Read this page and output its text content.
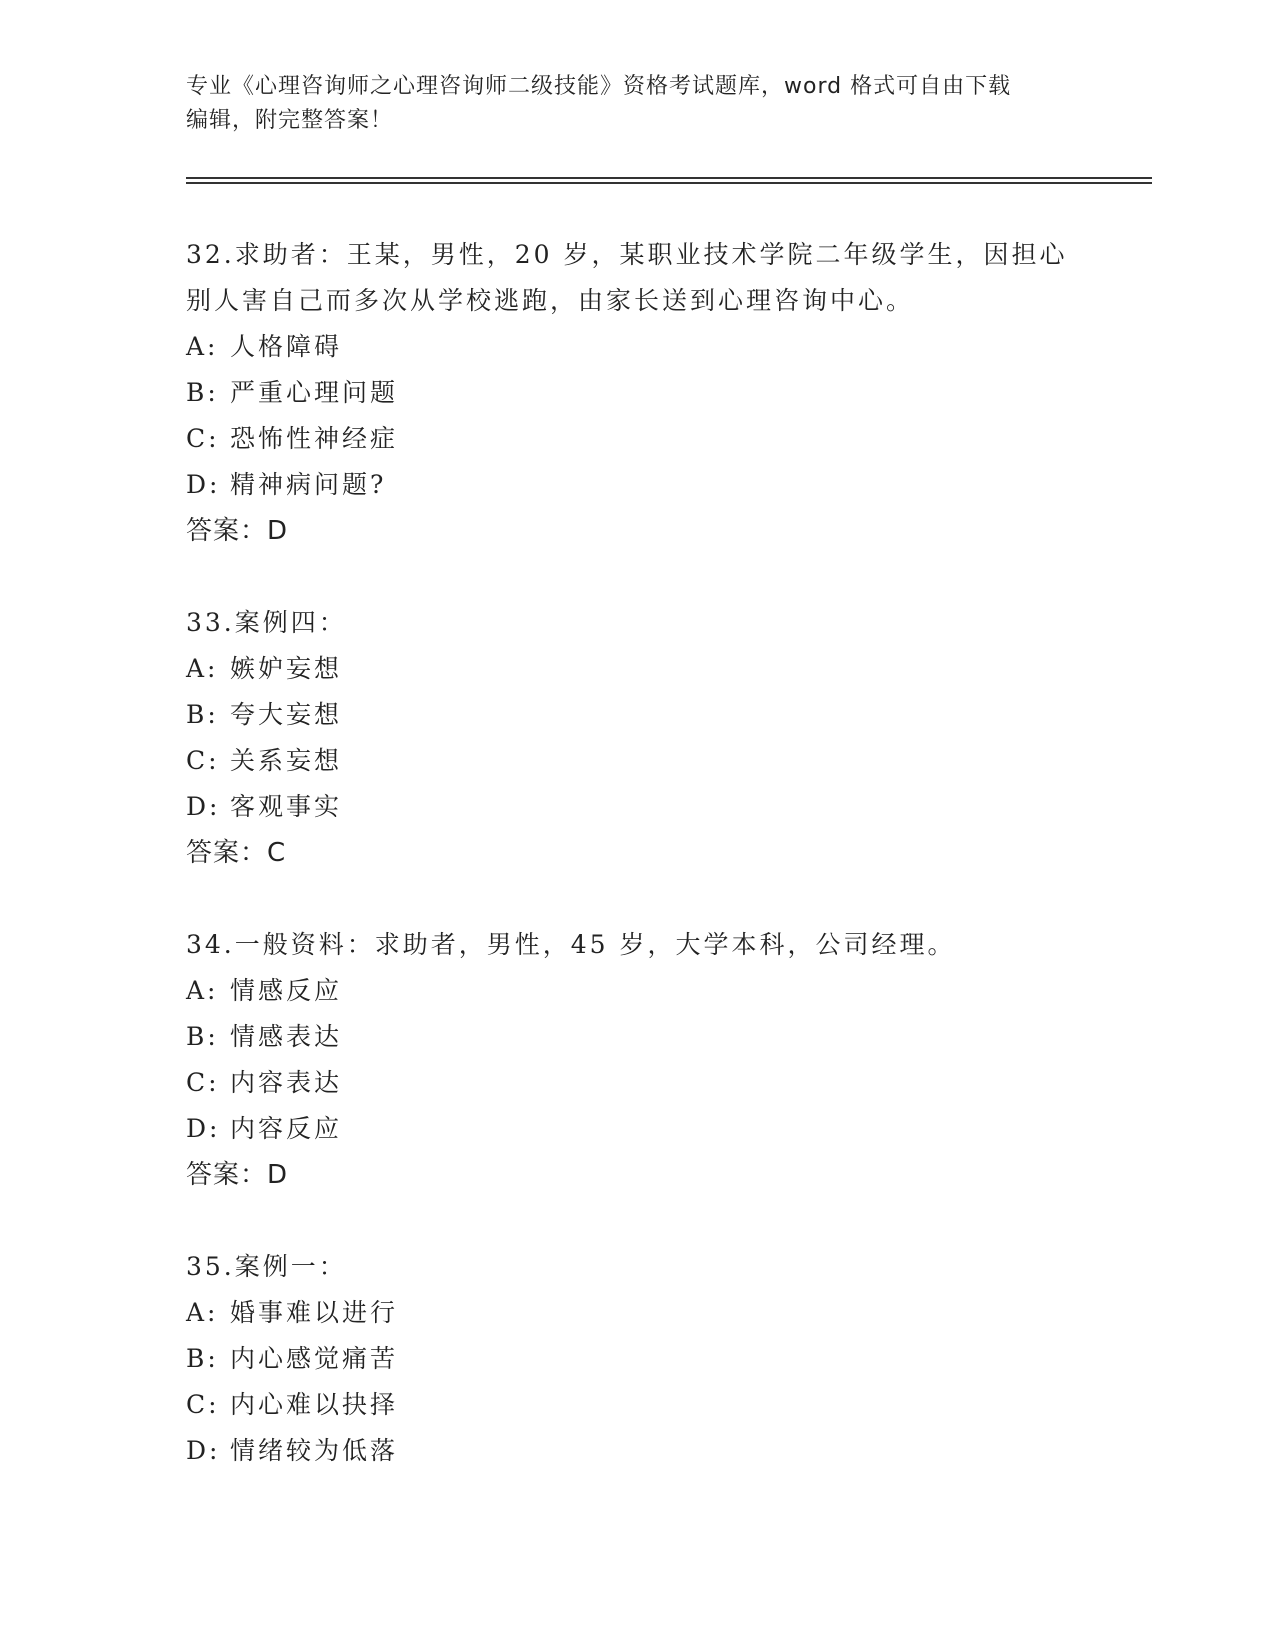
专业《心理咨询师之心理咨询师二级技能》资格考试题库，word 格式可自由下载
编辑，附完整答案！
32.求助者：王某，男性，20 岁，某职业技术学院二年级学生，因担心
别人害自己而多次从学校逃跑，由家长送到心理咨询中心。
A: 人格障碍
B: 严重心理问题
C: 恐怖性神经症
D: 精神病问题?
答案：D
33.案例四：
A: 嫉妒妄想
B: 夸大妄想
C: 关系妄想
D: 客观事实
答案：C
34.一般资料：求助者，男性，45 岁，大学本科，公司经理。
A: 情感反应
B: 情感表达
C: 内容表达
D: 内容反应
答案：D
35.案例一：
A: 婚事难以进行
B: 内心感觉痛苦
C: 内心难以抉择
D: 情绪较为低落
